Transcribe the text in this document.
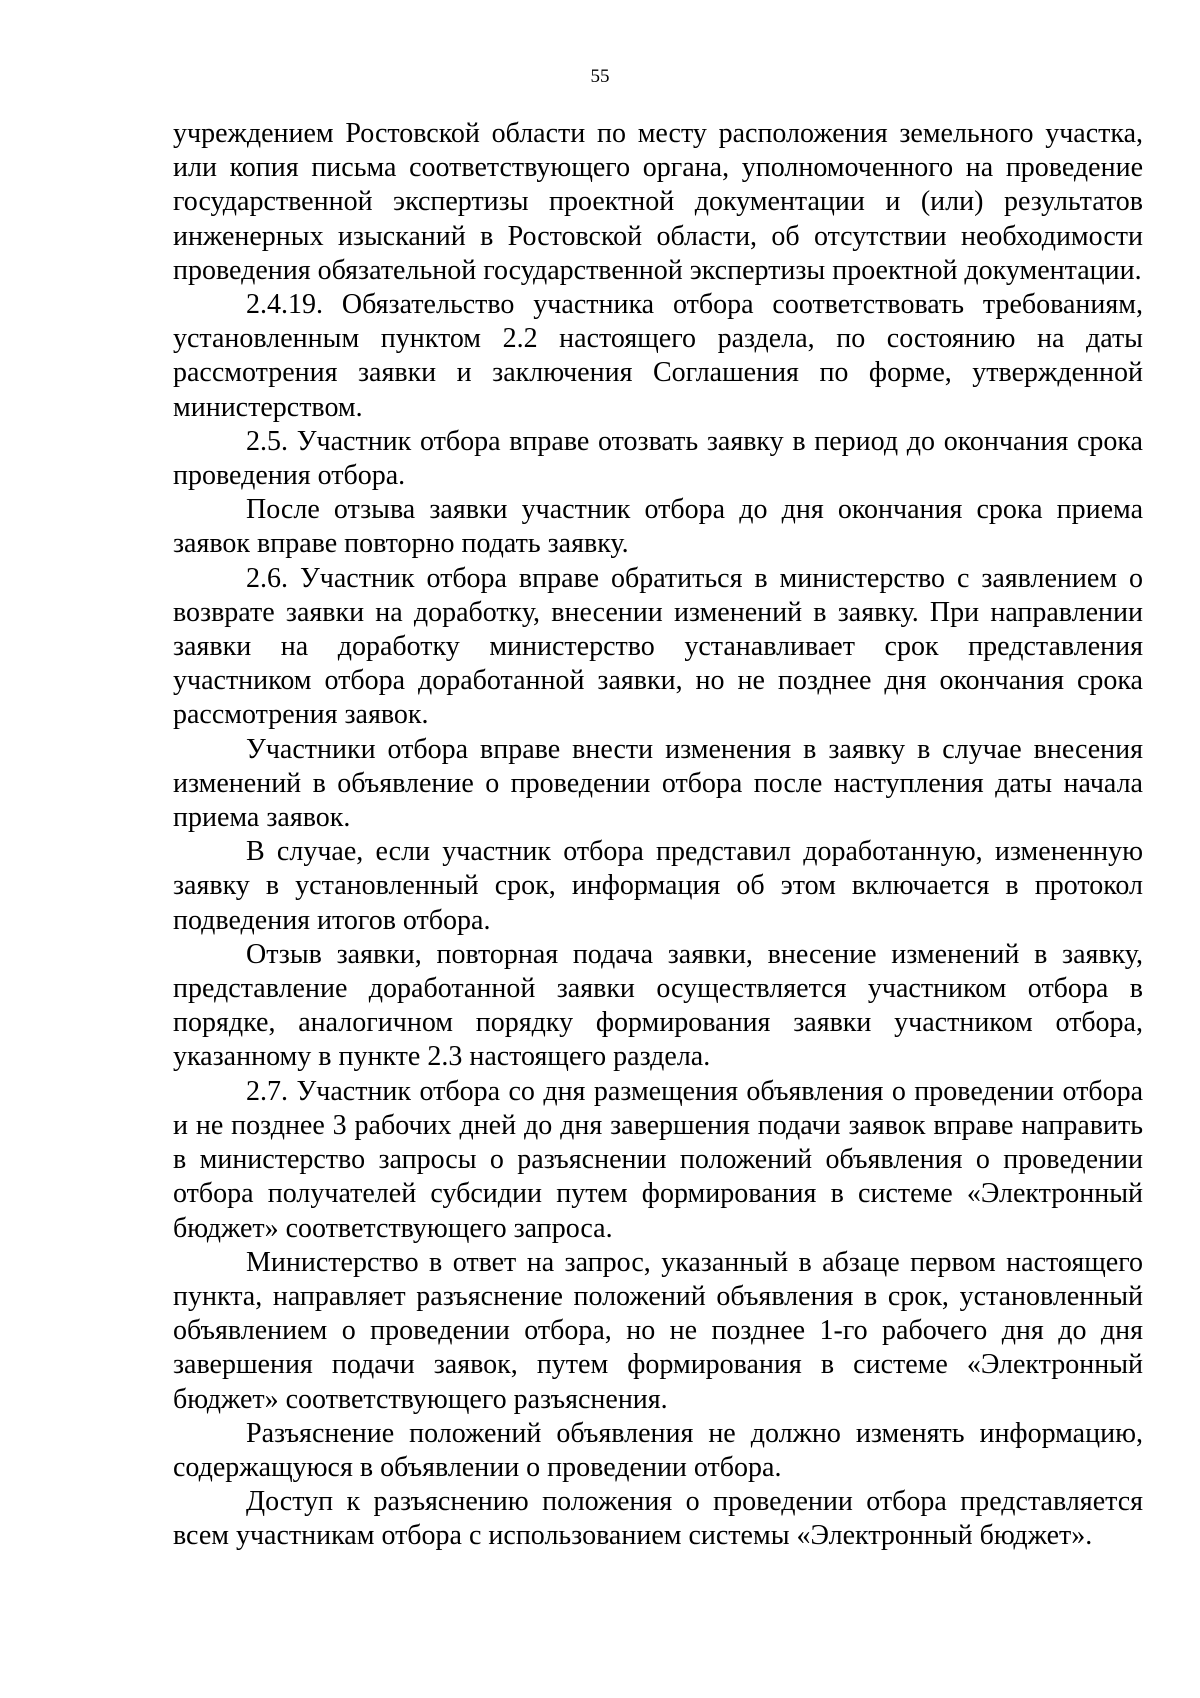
55

учреждением Ростовской области по месту расположения земельного участка, или копия письма соответствующего органа, уполномоченного на проведение государственной экспертизы проектной документации и (или) результатов инженерных изысканий в Ростовской области, об отсутствии необходимости проведения обязательной государственной экспертизы проектной документации.

2.4.19. Обязательство участника отбора соответствовать требованиям, установленным пунктом 2.2 настоящего раздела, по состоянию на даты рассмотрения заявки и заключения Соглашения по форме, утвержденной министерством.

2.5. Участник отбора вправе отозвать заявку в период до окончания срока проведения отбора.

После отзыва заявки участник отбора до дня окончания срока приема заявок вправе повторно подать заявку.

2.6. Участник отбора вправе обратиться в министерство с заявлением о возврате заявки на доработку, внесении изменений в заявку. При направлении заявки на доработку министерство устанавливает срок представления участником отбора доработанной заявки, но не позднее дня окончания срока рассмотрения заявок.

Участники отбора вправе внести изменения в заявку в случае внесения изменений в объявление о проведении отбора после наступления даты начала приема заявок.

В случае, если участник отбора представил доработанную, измененную заявку в установленный срок, информация об этом включается в протокол подведения итогов отбора.

Отзыв заявки, повторная подача заявки, внесение изменений в заявку, представление доработанной заявки осуществляется участником отбора в порядке, аналогичном порядку формирования заявки участником отбора, указанному в пункте 2.3 настоящего раздела.

2.7. Участник отбора со дня размещения объявления о проведении отбора и не позднее 3 рабочих дней до дня завершения подачи заявок вправе направить в министерство запросы о разъяснении положений объявления о проведении отбора получателей субсидии путем формирования в системе «Электронный бюджет» соответствующего запроса.

Министерство в ответ на запрос, указанный в абзаце первом настоящего пункта, направляет разъяснение положений объявления в срок, установленный объявлением о проведении отбора, но не позднее 1-го рабочего дня до дня завершения подачи заявок, путем формирования в системе «Электронный бюджет» соответствующего разъяснения.

Разъяснение положений объявления не должно изменять информацию, содержащуюся в объявлении о проведении отбора.

Доступ к разъяснению положения о проведении отбора представляется всем участникам отбора с использованием системы «Электронный бюджет».
